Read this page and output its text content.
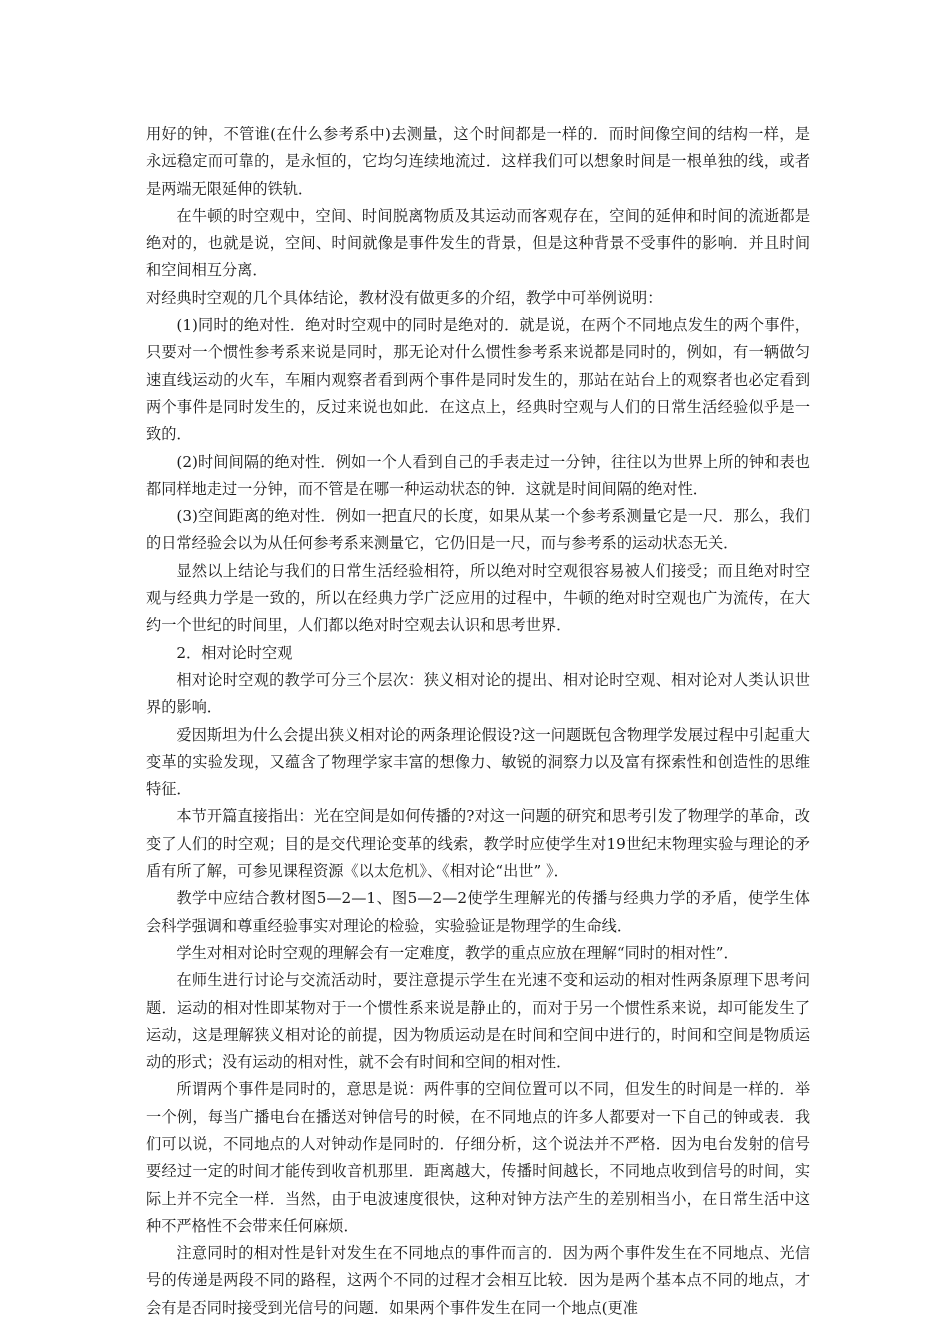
用好的钟，不管谁(在什么参考系中)去测量，这个时间都是一样的．而时间像空间的结构一样，是永远稳定而可靠的，是永恒的，它均匀连续地流过．这样我们可以想象时间是一根单独的线，或者是两端无限延伸的铁轨．

在牛顿的时空观中，空间、时间脱离物质及其运动而客观存在，空间的延伸和时间的流逝都是绝对的，也就是说，空间、时间就像是事件发生的背景，但是这种背景不受事件的影响．并且时间和空间相互分离．

对经典时空观的几个具体结论，教材没有做更多的介绍，教学中可举例说明：

(1)同时的绝对性．绝对时空观中的同时是绝对的．就是说，在两个不同地点发生的两个事件，只要对一个惯性参考系来说是同时，那无论对什么惯性参考系来说都是同时的，例如，有一辆做匀速直线运动的火车，车厢内观察者看到两个事件是同时发生的，那站在站台上的观察者也必定看到两个事件是同时发生的，反过来说也如此．在这点上，经典时空观与人们的日常生活经验似乎是一致的．

(2)时间间隔的绝对性．例如一个人看到自己的手表走过一分钟，往往以为世界上所的钟和表也都同样地走过一分钟，而不管是在哪一种运动状态的钟．这就是时间间隔的绝对性．

(3)空间距离的绝对性．例如一把直尺的长度，如果从某一个参考系测量它是一尺．那么，我们的日常经验会以为从任何参考系来测量它，它仍旧是一尺，而与参考系的运动状态无关．

显然以上结论与我们的日常生活经验相符，所以绝对时空观很容易被人们接受；而且绝对时空观与经典力学是一致的，所以在经典力学广泛应用的过程中，牛顿的绝对时空观也广为流传，在大约一个世纪的时间里，人们都以绝对时空观去认识和思考世界．

2．相对论时空观

相对论时空观的教学可分三个层次：狭义相对论的提出、相对论时空观、相对论对人类认识世界的影响．

爱因斯坦为什么会提出狭义相对论的两条理论假设?这一问题既包含物理学发展过程中引起重大变革的实验发现，又蕴含了物理学家丰富的想像力、敏锐的洞察力以及富有探索性和创造性的思维特征．

本节开篇直接指出：光在空间是如何传播的?对这一问题的研究和思考引发了物理学的革命，改变了人们的时空观；目的是交代理论变革的线索，教学时应使学生对19世纪末物理实验与理论的矛盾有所了解，可参见课程资源《以太危机》、《相对论“出世” 》．

教学中应结合教材图5—2—1、图5—2—2使学生理解光的传播与经典力学的矛盾，使学生体会科学强调和尊重经验事实对理论的检验，实验验证是物理学的生命线．

学生对相对论时空观的理解会有一定难度，教学的重点应放在理解“同时的相对性”．

在师生进行讨论与交流活动时，要注意提示学生在光速不变和运动的相对性两条原理下思考问题．运动的相对性即某物对于一个惯性系来说是静止的，而对于另一个惯性系来说，却可能发生了运动，这是理解狭义相对论的前提，因为物质运动是在时间和空间中进行的，时间和空间是物质运动的形式；没有运动的相对性，就不会有时间和空间的相对性．

所谓两个事件是同时的，意思是说：两件事的空间位置可以不同，但发生的时间是一样的．举一个例，每当广播电台在播送对钟信号的时候，在不同地点的许多人都要对一下自己的钟或表．我们可以说，不同地点的人对钟动作是同时的．仔细分析，这个说法并不严格．因为电台发射的信号要经过一定的时间才能传到收音机那里．距离越大，传播时间越长，不同地点收到信号的时间，实际上并不完全一样．当然，由于电波速度很快，这种对钟方法产生的差别相当小，在日常生活中这种不严格性不会带来任何麻烦．

注意同时的相对性是针对发生在不同地点的事件而言的．因为两个事件发生在不同地点、光信号的传递是两段不同的路程，这两个不同的过程才会相互比较．因为是两个基本点不同的地点，才会有是否同时接受到光信号的问题．如果两个事件发生在同一个地点(更准
